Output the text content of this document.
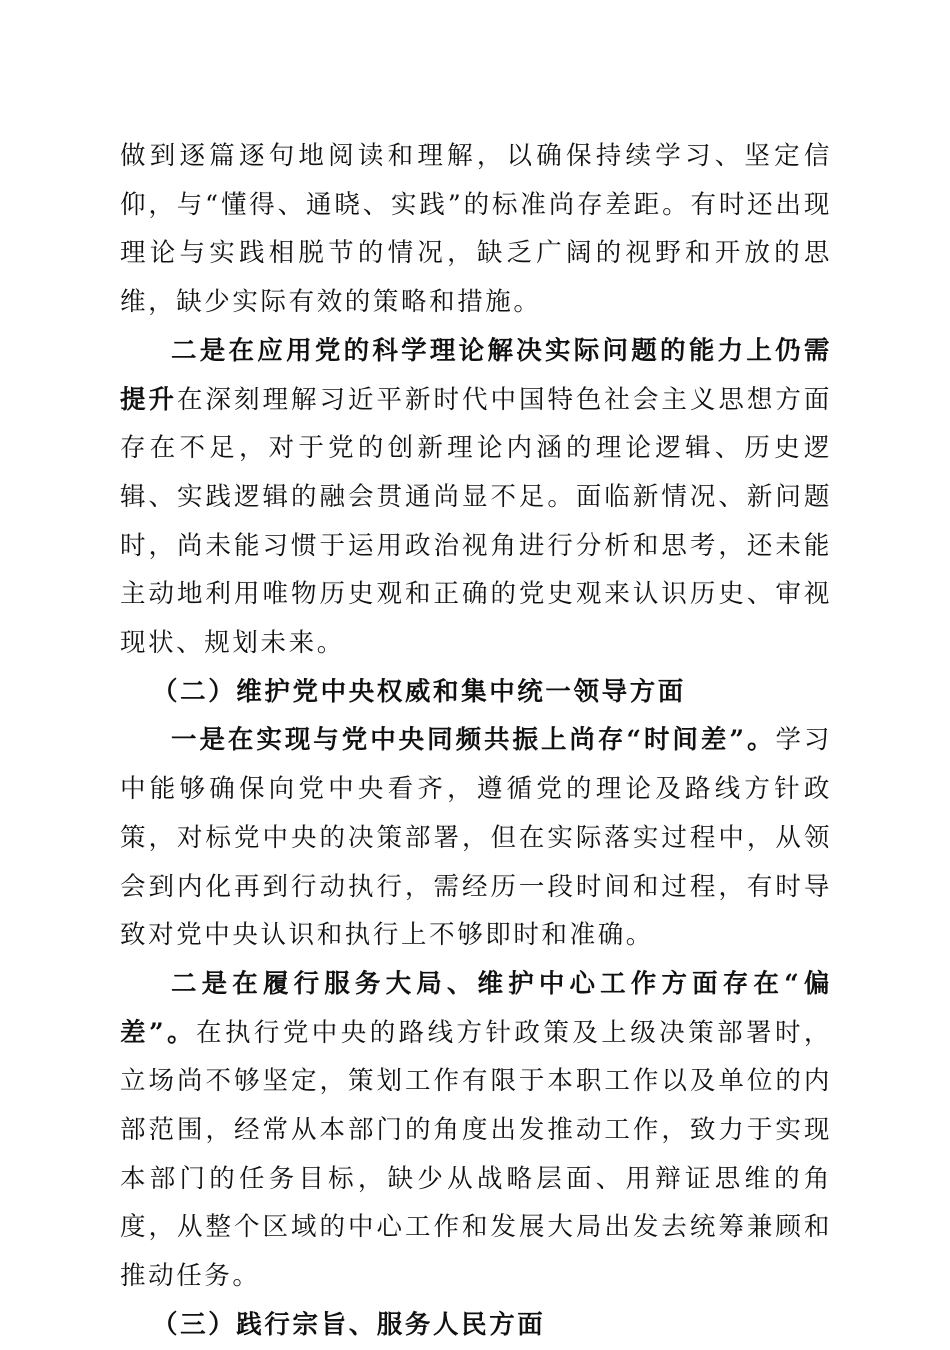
做到逐篇逐句地阅读和理解，以确保持续学习、坚定信仰，与“懂得、通晓、实践”的标准尚存差距。有时还出现理论与实践相脱节的情况，缺乏广阔的视野和开放的思维，缺少实际有效的策略和措施。

二是在应用党的科学理论解决实际问题的能力上仍需提升在深刻理解习近平新时代中国特色社会主义思想方面存在不足，对于党的创新理论内涵的理论逻辑、历史逻辑、实践逻辑的融会贯通尚显不足。面临新情况、新问题时，尚未能习惯于运用政治视角进行分析和思考，还未能主动地利用唯物历史观和正确的党史观来认识历史、审视现状、规划未来。

（二）维护党中央权威和集中统一领导方面

一是在实现与党中央同频共振上尚存“时间差”。学习中能够确保向党中央看齐，遵循党的理论及路线方针政策，对标党中央的决策部署，但在实际落实过程中，从领会到内化再到行动执行，需经历一段时间和过程，有时导致对党中央认识和执行上不够即时和准确。

二是在履行服务大局、维护中心工作方面存在“偏差”。在执行党中央的路线方针政策及上级决策部署时，立场尚不够坚定，策划工作有限于本职工作以及单位的内部范围，经常从本部门的角度出发推动工作，致力于实现本部门的任务目标，缺少从战略层面、用辩证思维的角度，从整个区域的中心工作和发展大局出发去统筹兼顾和推动任务。

（三）践行宗旨、服务人民方面
